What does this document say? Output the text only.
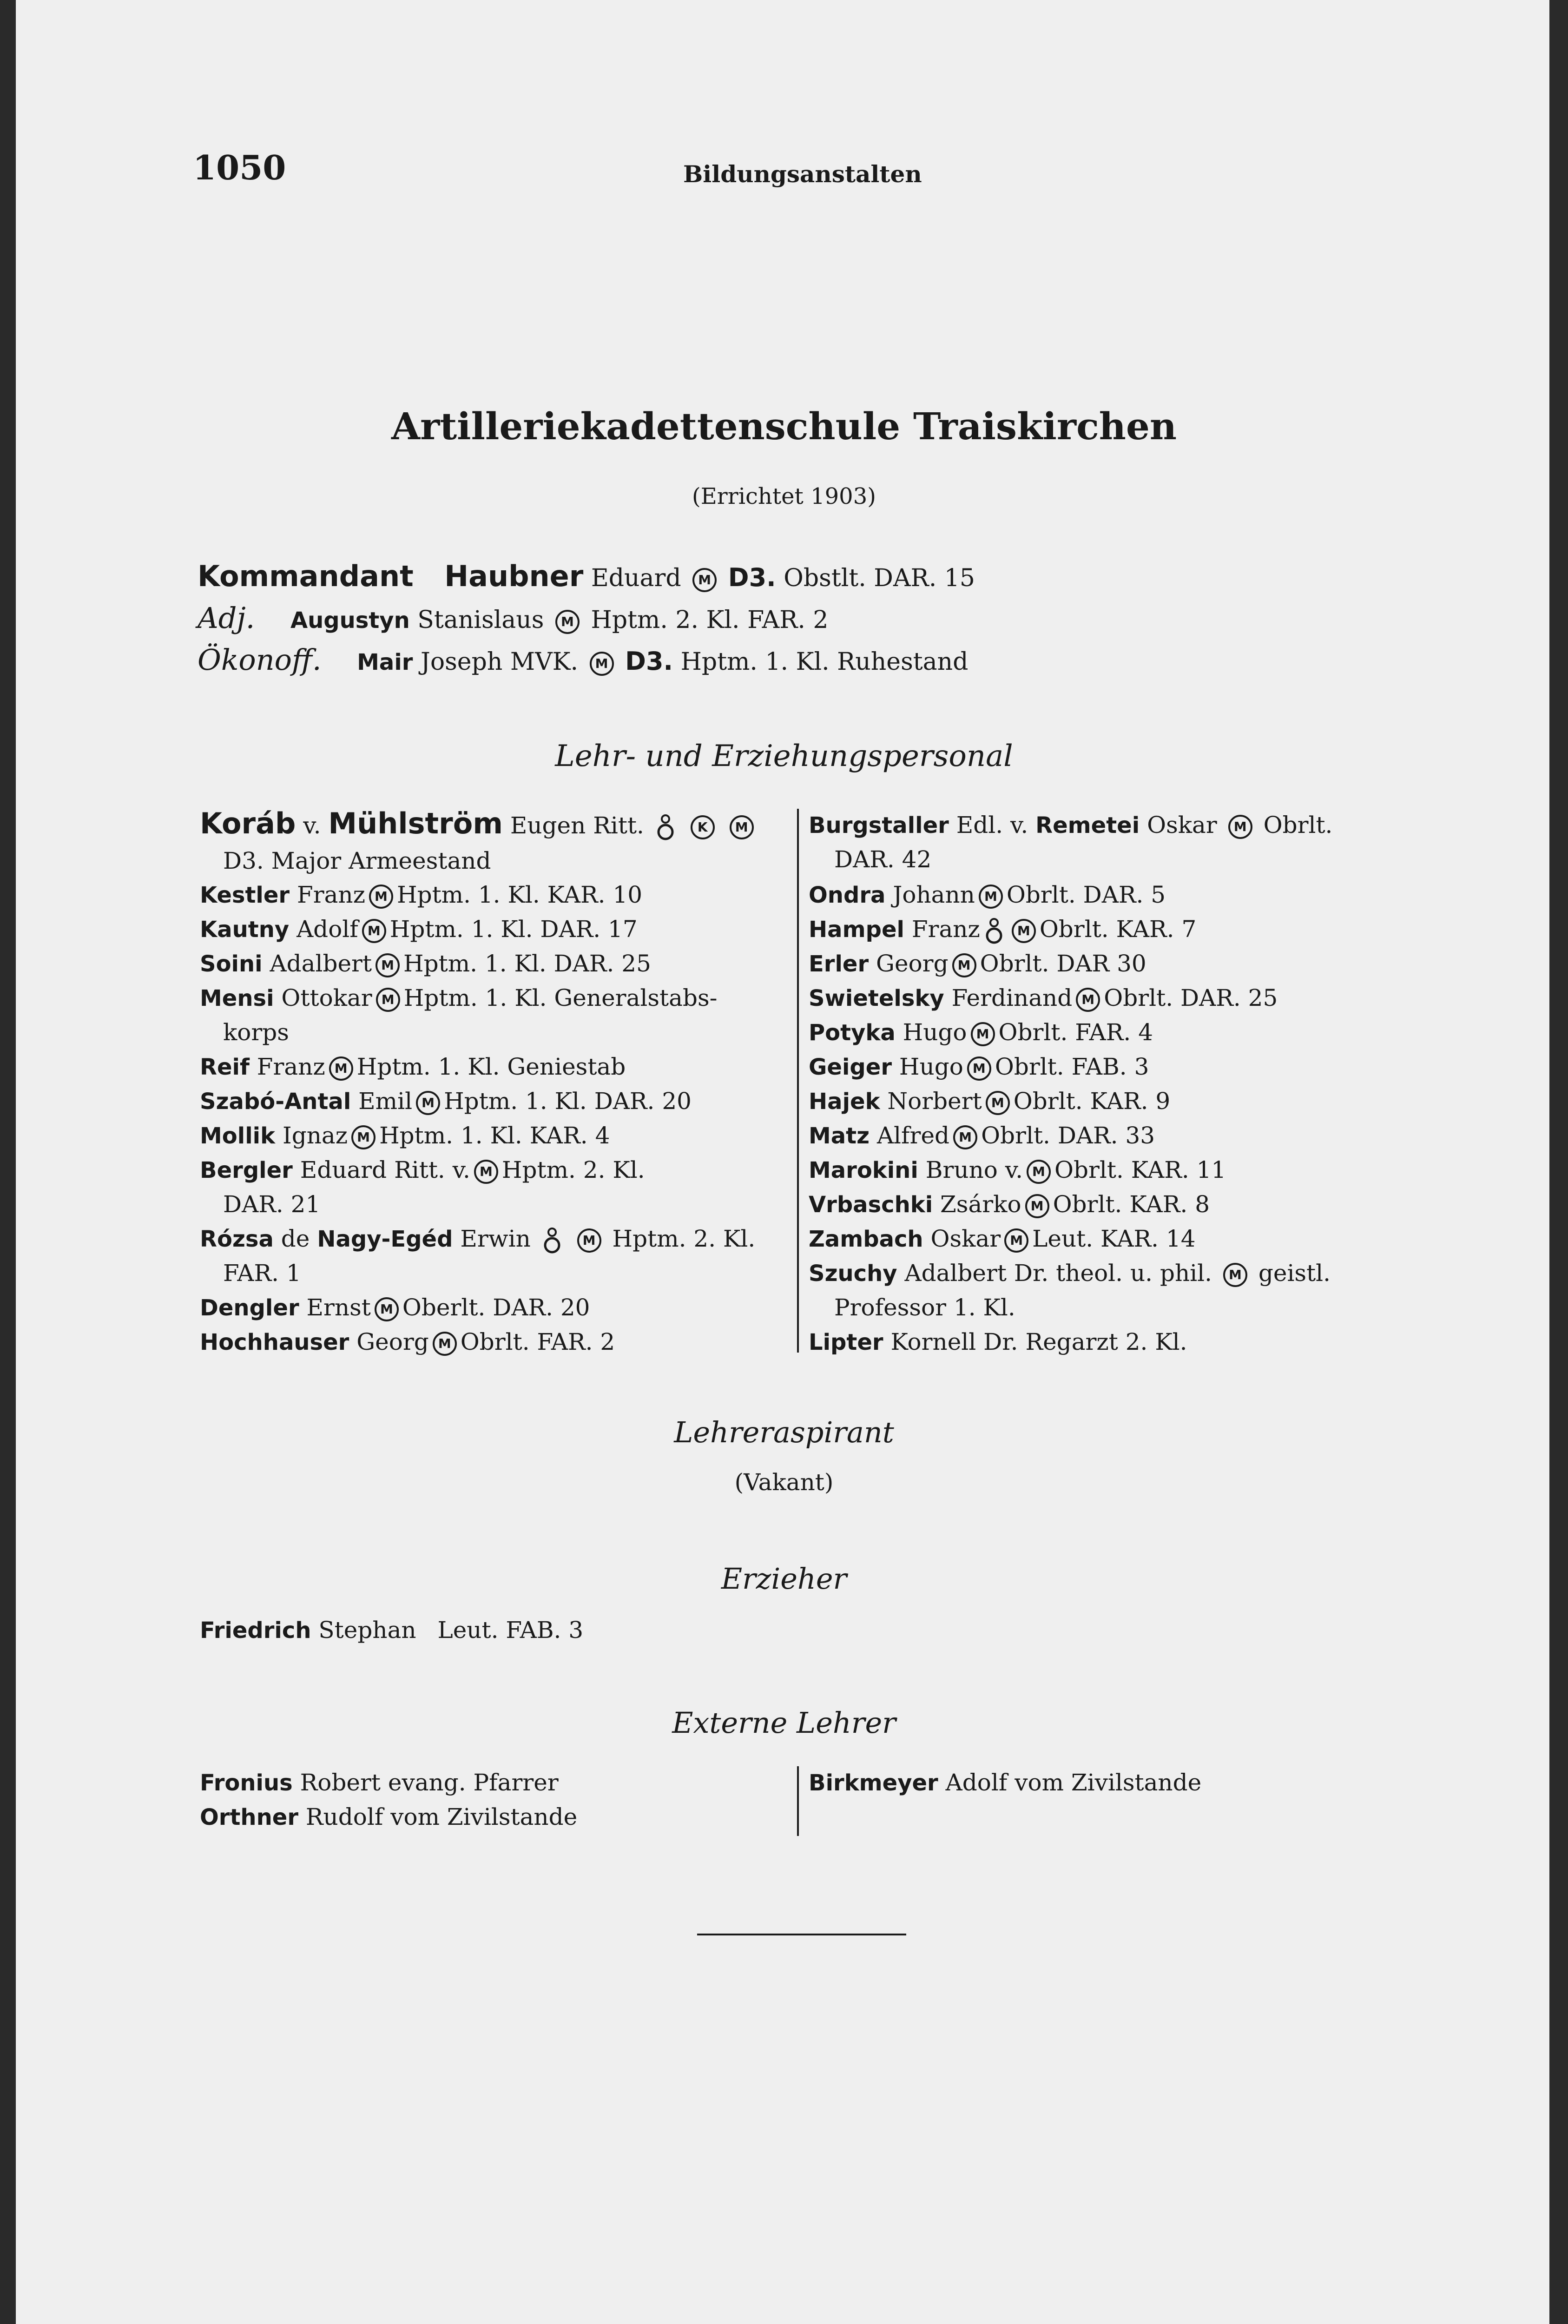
1050	Bildungsanstalten
Artilleriekadettenschule Traiskirchen
(Errichtet 1903)
Kommandant Haubner Eduard M D3. Obstlt. DAR. 15
Adj. Augustyn Stanislaus M Hptm. 2. Kl. FAR. 2
Ökonoff. Mair Joseph MVK. M D3. Hptm. 1. Kl. Ruhestand
Lehr- und Erziehungspersonal
Koráb v. Mühlström Eugen Ritt.	K M
D3. Major Armeestand
Kestler Franz M Hptm. 1. Kl. KAR. 10
Kautny Adolf M Hptm. 1. Kl. DAR. 17
Soini Adalbert M Hptm. 1. Kl. DAR. 25
Mensi Ottokar M Hptm. 1. Kl. Generalstabs-
korps
Reif Franz M Hptm. 1. Kl. Geniestab
Szabó-Antal Emil M Hptm. 1. Kl. DAR. 20
Mollik Ignaz M Hptm. 1. Kl. KAR. 4
Bergler Eduard Ritt. v. M Hptm. 2. Kl.
DAR. 21
Rózsa de Nagy-Egéd Erwin	M Hptm. 2. Kl.
FAR. 1
Dengler Ernst M Oberlt. DAR. 20
Hochhauser Georg M Obrlt. FAR. 2
Burgstaller Edl. v. Remetei Oskar M Obrlt.
DAR. 42
Ondra Johann M Obrlt. DAR. 5
Hampel Franz	M Obrlt. KAR. 7
Erler Georg M Obrlt. DAR 30
Swietelsky Ferdinand M Obrlt. DAR. 25
Potyka Hugo M Obrlt. FAR. 4
Geiger Hugo M Obrlt. FAB. 3
Hajek Norbert M Obrlt. KAR. 9
Matz Alfred M Obrlt. DAR. 33
Marokini Bruno v. M Obrlt. KAR. 11
Vrbaschki Zsárko M Obrlt. KAR. 8
Zambach Oskar M Leut. KAR. 14
Szuchy Adalbert Dr. theol. u. phil. M geistl.
Professor 1. Kl.
Lipter Kornell Dr. Regarzt 2. Kl.
Lehreraspirant
(Vakant)
Erzieher
Friedrich Stephan Leut. FAB. 3
Externe Lehrer
Fronius Robert evang. Pfarrer
Orthner Rudolf vom Zivilstande
Birkmeyer Adolf vom Zivilstande
